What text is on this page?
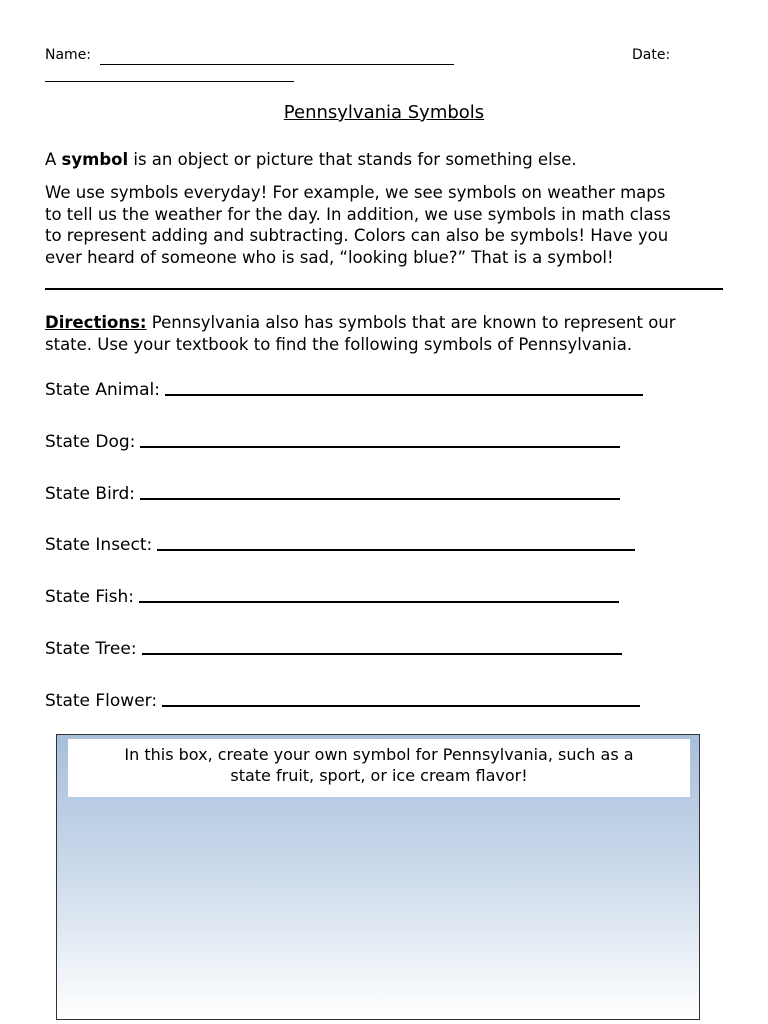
Name:	Date:
Pennsylvania Symbols
A symbol is an object or picture that stands for something else.
We use symbols everyday! For example, we see symbols on weather maps
to tell us the weather for the day. In addition, we use symbols in math class
to represent adding and subtracting. Colors can also be symbols! Have you
ever heard of someone who is sad, “looking blue?” That is a symbol!
Directions: Pennsylvania also has symbols that are known to represent our
state. Use your textbook to find the following symbols of Pennsylvania.
State Animal:
State Dog:
State Bird:
State Insect:
State Fish:
State Tree:
State Flower:
In this box, create your own symbol for Pennsylvania, such as a
state fruit, sport, or ice cream flavor!
